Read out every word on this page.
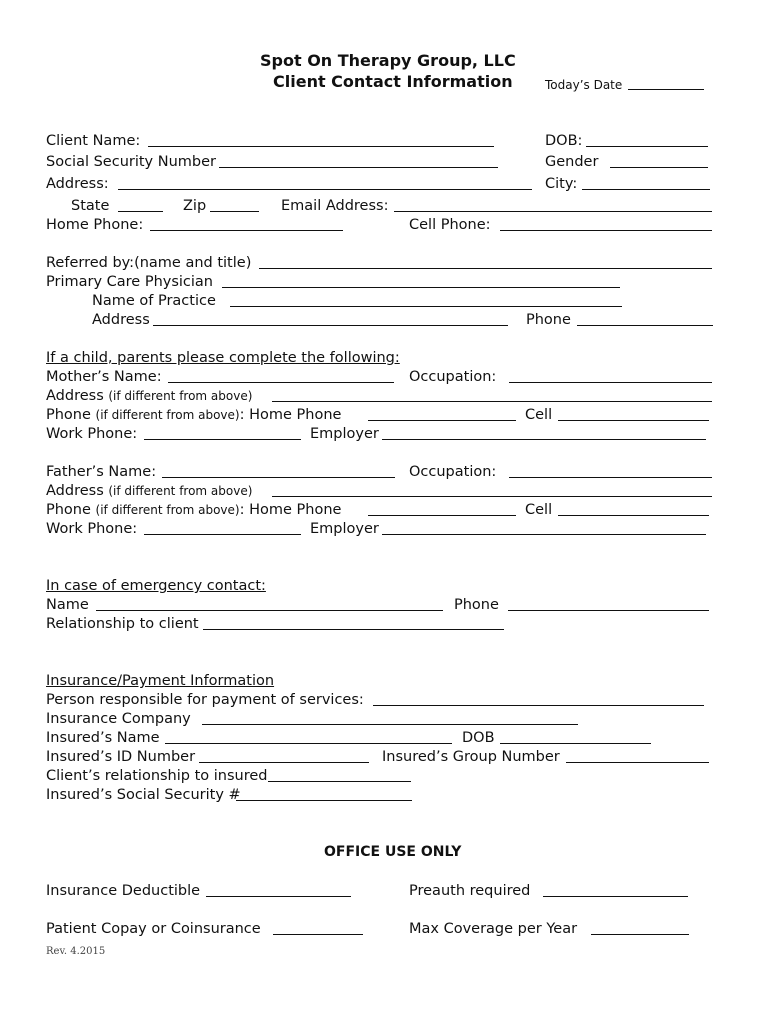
Spot On Therapy Group, LLC
Client Contact Information	Today’s Date
Client Name:	DOB:
Social Security Number	Gender
Address:	City:
State	Zip	Email Address:
Home Phone:	Cell Phone:
Referred by:(name and title)
Primary Care Physician
Name of Practice
Address	Phone
If a child, parents please complete the following:
Mother’s Name:	Occupation:
Address (if different from above)
Phone (if different from above): Home Phone	Cell
Work Phone:	Employer
Father’s Name:	Occupation:
Address (if different from above)
Phone (if different from above): Home Phone	Cell
Work Phone:	Employer
In case of emergency contact:
Name	Phone
Relationship to client
Insurance/Payment Information
Person responsible for payment of services:
Insurance Company
Insured’s Name	DOB
Insured’s ID Number	Insured’s Group Number
Client’s relationship to insured
Insured’s Social Security #
OFFICE USE ONLY
Insurance Deductible	Preauth required
Patient Copay or Coinsurance	Max Coverage per Year
Rev. 4.2015
